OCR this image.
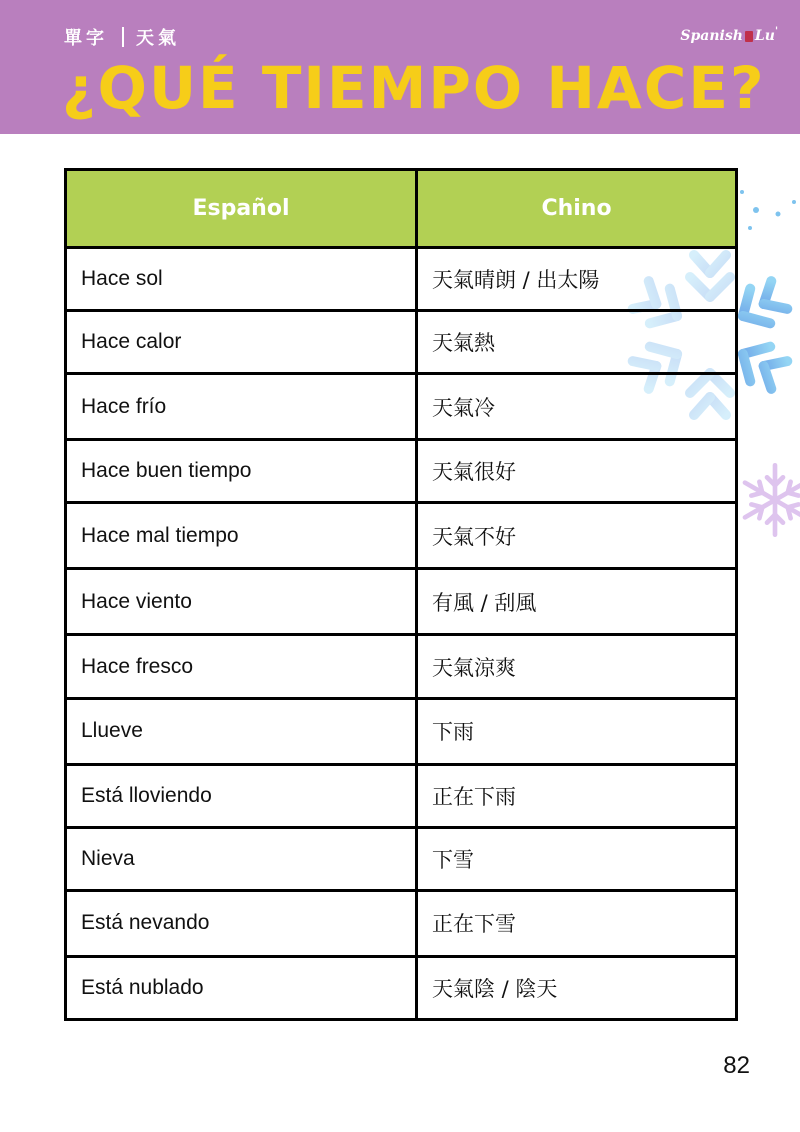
單字 天氣	Spanish Lu '
¿QUÉ TIEMPO HACE?
Español	Chino
Hace sol	天氣晴朗 / 出太陽
Hace calor	天氣熱
Hace frío	天氣冷
Hace buen tiempo	天氣很好
Hace mal tiempo	天氣不好
Hace viento	有風 / 刮風
Hace fresco	天氣涼爽
Llueve	下雨
Está lloviendo	正在下雨
Nieva	下雪
Está nevando	正在下雪
Está nublado	天氣陰 / 陰天
82
